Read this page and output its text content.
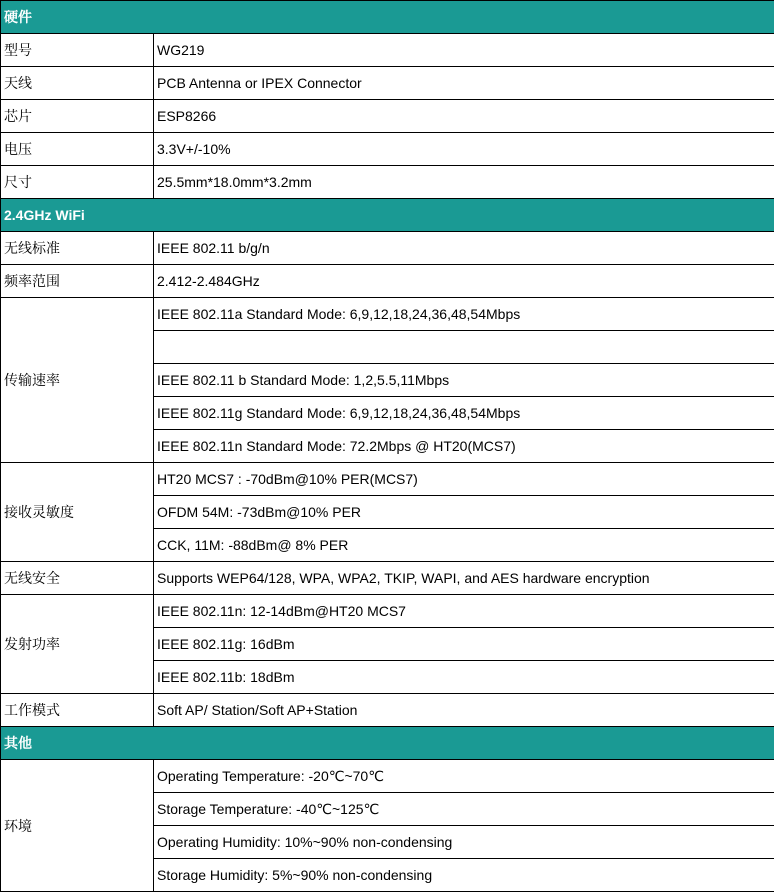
硬件	
型号	WG219
天线	PCB Antenna or IPEX Connector
芯片	ESP8266
电压	3.3V+/-10%
尺寸	25.5mm*18.0mm*3.2mm
2.4GHz WiFi	
无线标准	IEEE 802.11 b/g/n
频率范围	2.412-2.484GHz
传输速率	IEEE 802.11a Standard Mode: 6,9,12,18,24,36,48,54Mbps

	IEEE 802.11 b Standard Mode: 1,2,5.5,11Mbps
	IEEE 802.11g Standard Mode: 6,9,12,18,24,36,48,54Mbps
	IEEE 802.11n Standard Mode: 72.2Mbps @ HT20(MCS7)
接收灵敏度	HT20 MCS7 : -70dBm@10% PER(MCS7)
	OFDM 54M: -73dBm@10% PER
	CCK, 11M: -88dBm@ 8% PER
无线安全	Supports WEP64/128, WPA, WPA2, TKIP, WAPI, and AES hardware encryption
发射功率	IEEE 802.11n: 12-14dBm@HT20 MCS7
	IEEE 802.11g: 16dBm
	IEEE 802.11b: 18dBm
工作模式	Soft AP/ Station/Soft AP+Station
其他	
环境	Operating Temperature: -20℃~70℃
	Storage Temperature: -40℃~125℃
	Operating Humidity: 10%~90% non-condensing
	Storage Humidity: 5%~90% non-condensing
